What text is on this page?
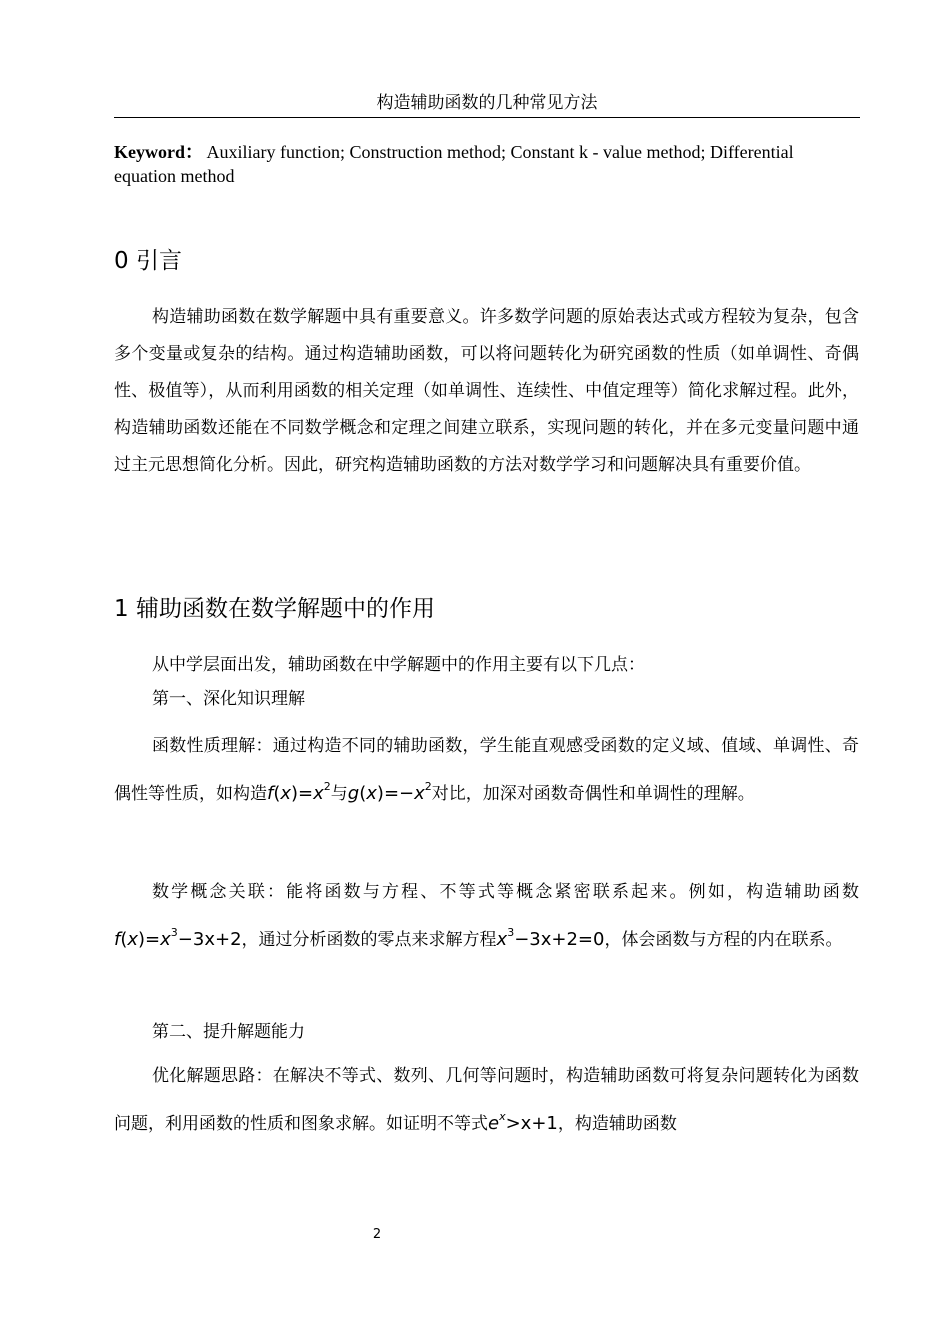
构造辅助函数的几种常见方法
Keyword： Auxiliary function; Construction method; Constant k - value method; Differential equation method
0 引言

构造辅助函数在数学解题中具有重要意义。许多数学问题的原始表达式或方程较为复杂，包含多个变量或复杂的结构。通过构造辅助函数，可以将问题转化为研究函数的性质（如单调性、奇偶性、极值等），从而利用函数的相关定理（如单调性、连续性、中值定理等）简化求解过程。此外，构造辅助函数还能在不同数学概念和定理之间建立联系，实现问题的转化，并在多元变量问题中通过主元思想简化分析。因此，研究构造辅助函数的方法对数学学习和问题解决具有重要价值。

1 辅助函数在数学解题中的作用

从中学层面出发，辅助函数在中学解题中的作用主要有以下几点：

第一、深化知识理解

函数性质理解：通过构造不同的辅助函数，学生能直观感受函数的定义域、值域、单调性、奇偶性等性质，如构造$f(x)=x^2$与$g(x)=-x^2$对比，加深对函数奇偶性和单调性的理解。

数学概念关联：能将函数与方程、不等式等概念紧密联系起来。例如，构造辅助函数$f(x)=x^3-3x+2$，通过分析函数的零点来求解方程$x^3-3x+2=0$，体会函数与方程的内在联系。

第二、提升解题能力

优化解题思路：在解决不等式、数列、几何等问题时，构造辅助函数可将复杂问题转化为函数问题，利用函数的性质和图象求解。如证明不等式$e^x>x+1$，构造辅助函数

2
